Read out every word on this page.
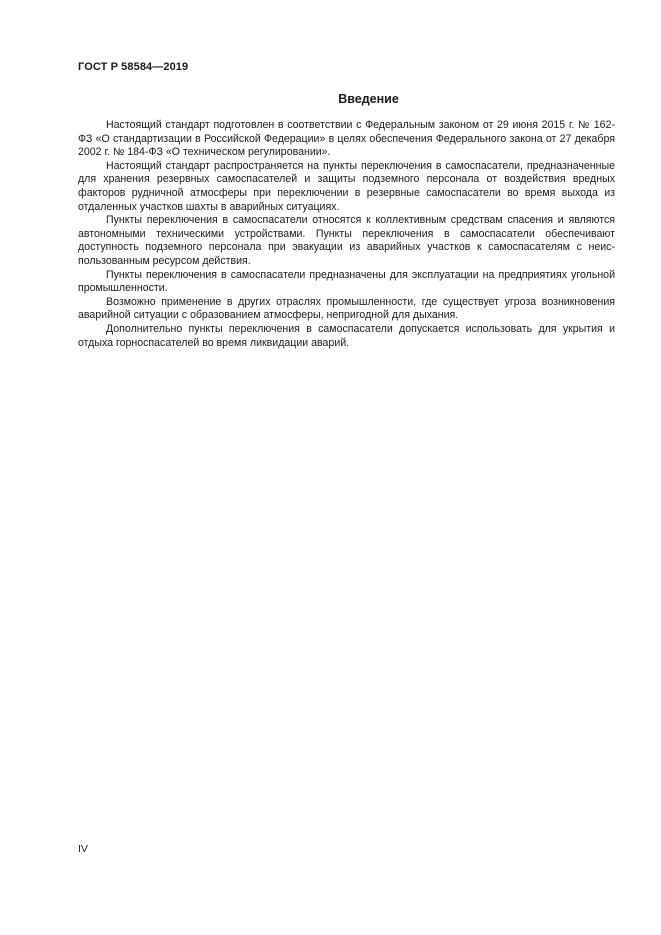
ГОСТ Р 58584—2019
Введение

Настоящий стандарт подготовлен в соответствии с Федеральным законом от 29 июня 2015 г. № 162-ФЗ «О стандартизации в Российской Федерации» в целях обеспечения Федерального закона от 27 декабря 2002 г. № 184-ФЗ «О техническом регулировании».

Настоящий стандарт распространяется на пункты переключения в самоспасатели, предназначенные для хранения резервных самоспасателей и защиты подземного персонала от воздействия вредных факторов рудничной атмосферы при переключении в резервные самоспасатели во время выхода из отдаленных участков шахты в аварийных ситуациях.

Пункты переключения в самоспасатели относятся к коллективным средствам спасения и являются автономными техническими устройствами. Пункты переключения в самоспасатели обеспечивают доступность подземного персонала при эвакуации из аварийных участков к самоспасателям с неиспользованным ресурсом действия.

Пункты переключения в самоспасатели предназначены для эксплуатации на предприятиях угольной промышленности.

Возможно применение в других отраслях промышленности, где существует угроза возникновения аварийной ситуации с образованием атмосферы, непригодной для дыхания.

Дополнительно пункты переключения в самоспасатели допускается использовать для укрытия и отдыха горноспасателей во время ликвидации аварий.

IV
